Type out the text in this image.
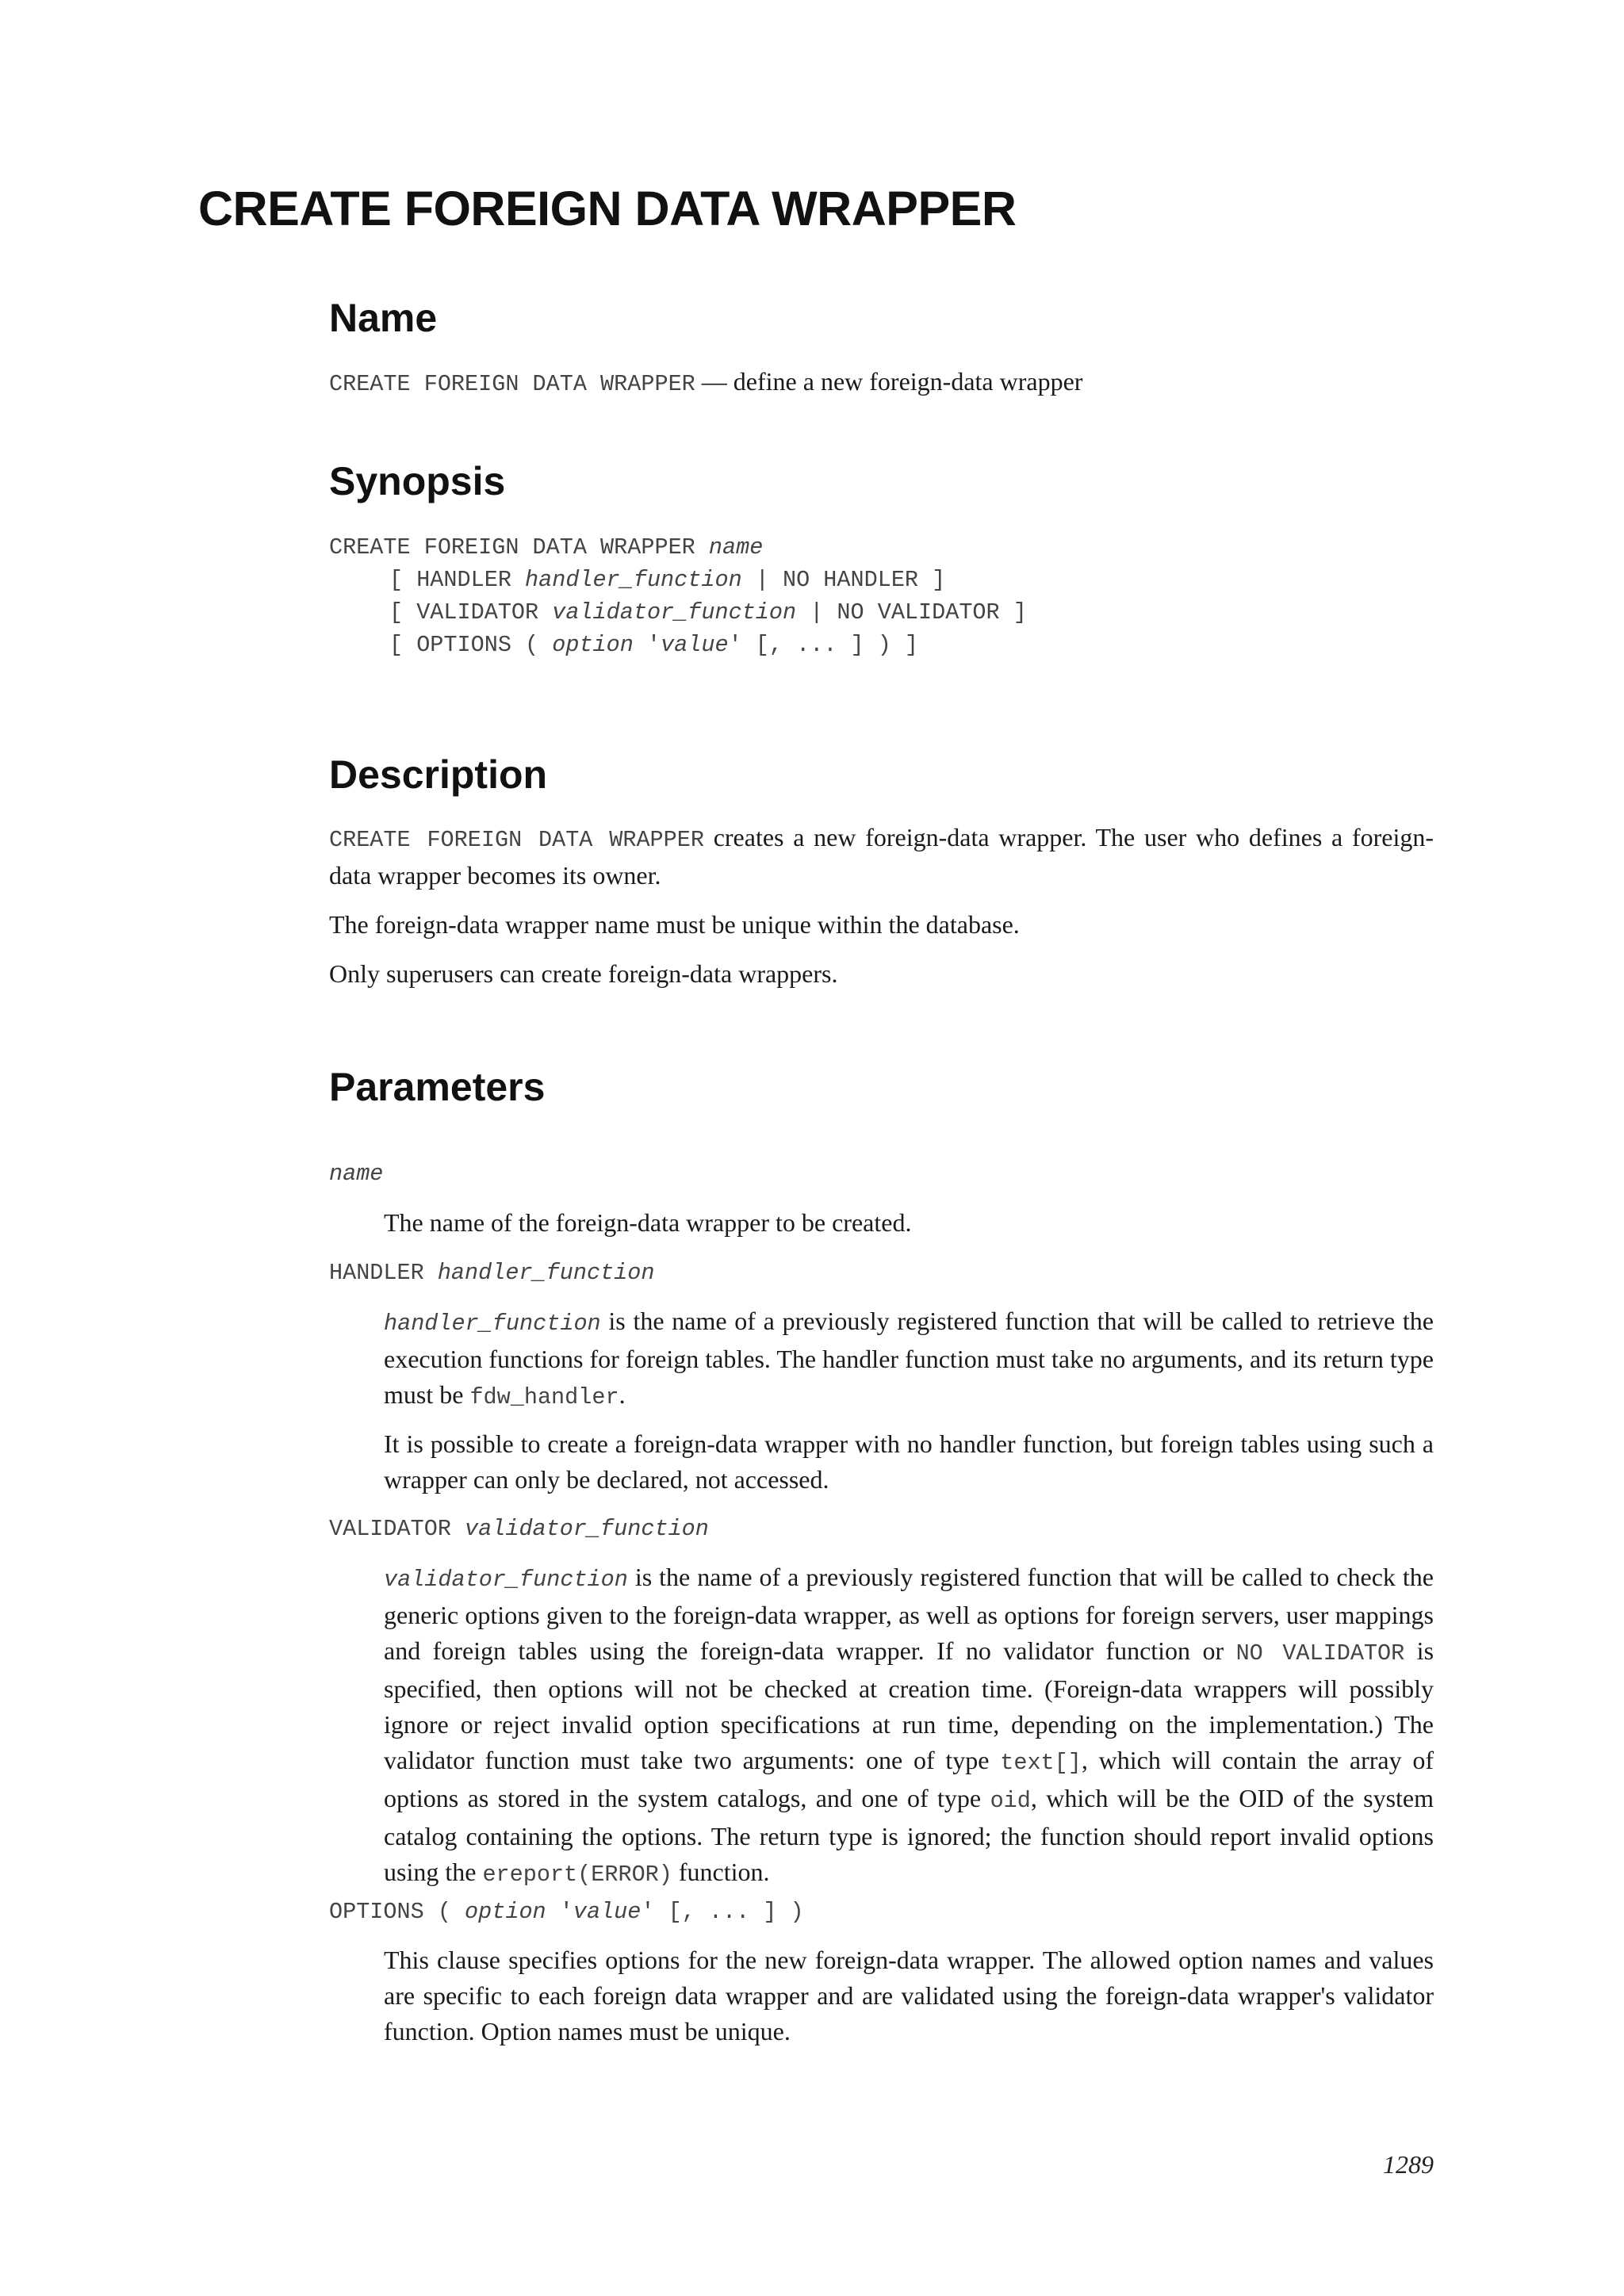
CREATE FOREIGN DATA WRAPPER
Name

CREATE FOREIGN DATA WRAPPER — define a new foreign-data wrapper

Synopsis
CREATE FOREIGN DATA WRAPPER name
[ HANDLER handler_function | NO HANDLER ]
[ VALIDATOR validator_function | NO VALIDATOR ]
[ OPTIONS ( option 'value' [, ... ] ) ]
Description

CREATE FOREIGN DATA WRAPPER creates a new foreign-data wrapper. The user who defines a foreign-data wrapper becomes its owner.

The foreign-data wrapper name must be unique within the database.

Only superusers can create foreign-data wrappers.

Parameters
name

The name of the foreign-data wrapper to be created.

HANDLER handler_function

handler_function is the name of a previously registered function that will be called to retrieve the execution functions for foreign tables. The handler function must take no arguments, and its return type must be fdw_handler.

It is possible to create a foreign-data wrapper with no handler function, but foreign tables using such a wrapper can only be declared, not accessed.

VALIDATOR validator_function

validator_function is the name of a previously registered function that will be called to check the generic options given to the foreign-data wrapper, as well as options for foreign servers, user mappings and foreign tables using the foreign-data wrapper. If no validator function or NO VALIDATOR is specified, then options will not be checked at creation time. (Foreign-data wrappers will possibly ignore or reject invalid option specifications at run time, depending on the implementation.) The validator function must take two arguments: one of type text[], which will contain the array of options as stored in the system catalogs, and one of type oid, which will be the OID of the system catalog containing the options. The return type is ignored; the function should report invalid options using the ereport(ERROR) function.

OPTIONS ( option 'value' [, ... ] )

This clause specifies options for the new foreign-data wrapper. The allowed option names and values are specific to each foreign data wrapper and are validated using the foreign-data wrapper's validator function. Option names must be unique.

1289
